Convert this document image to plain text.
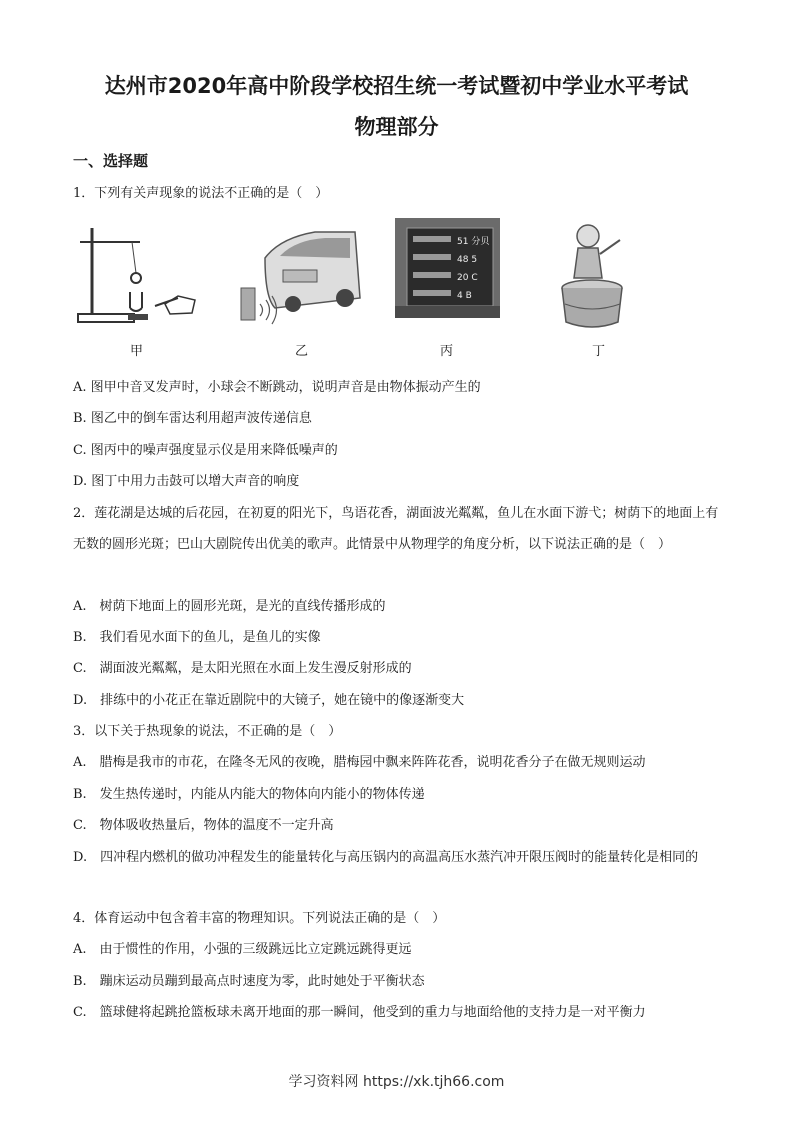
达州市2020年高中阶段学校招生统一考试暨初中学业水平考试
物理部分
一、选择题
1．下列有关声现象的说法不正确的是（　）
甲	乙
51 分贝
48 5
20 C
4 B
丙	丁
A. 图甲中音叉发声时，小球会不断跳动，说明声音是由物体振动产生的
B. 图乙中的倒车雷达利用超声波传递信息
C. 图丙中的噪声强度显示仪是用来降低噪声的
D. 图丁中用力击鼓可以增大声音的响度
2．莲花湖是达城的后花园，在初夏的阳光下，鸟语花香，湖面波光粼粼，鱼儿在水面下游弋；树荫下的地面上有无数的圆形光斑；巴山大剧院传出优美的歌声。此情景中从物理学的角度分析，以下说法正确的是（　）
A.　树荫下地面上的圆形光斑，是光的直线传播形成的
B.　我们看见水面下的鱼儿，是鱼儿的实像
C.　湖面波光粼粼，是太阳光照在水面上发生漫反射形成的
D.　排练中的小花正在靠近剧院中的大镜子，她在镜中的像逐渐变大
3．以下关于热现象的说法，不正确的是（　）
A.　腊梅是我市的市花，在隆冬无风的夜晚，腊梅园中飘来阵阵花香，说明花香分子在做无规则运动
B.　发生热传递时，内能从内能大的物体向内能小的物体传递
C.　物体吸收热量后，物体的温度不一定升高
D.　四冲程内燃机的做功冲程发生的能量转化与高压锅内的高温高压水蒸汽冲开限压阀时的能量转化是相同的
4．体育运动中包含着丰富的物理知识。下列说法正确的是（　）
A.　由于惯性的作用，小强的三级跳远比立定跳远跳得更远
B.　蹦床运动员蹦到最高点时速度为零，此时她处于平衡状态
C.　篮球健将起跳抢篮板球未离开地面的那一瞬间，他受到的重力与地面给他的支持力是一对平衡力
学习资料网 https://xk.tjh66.com
